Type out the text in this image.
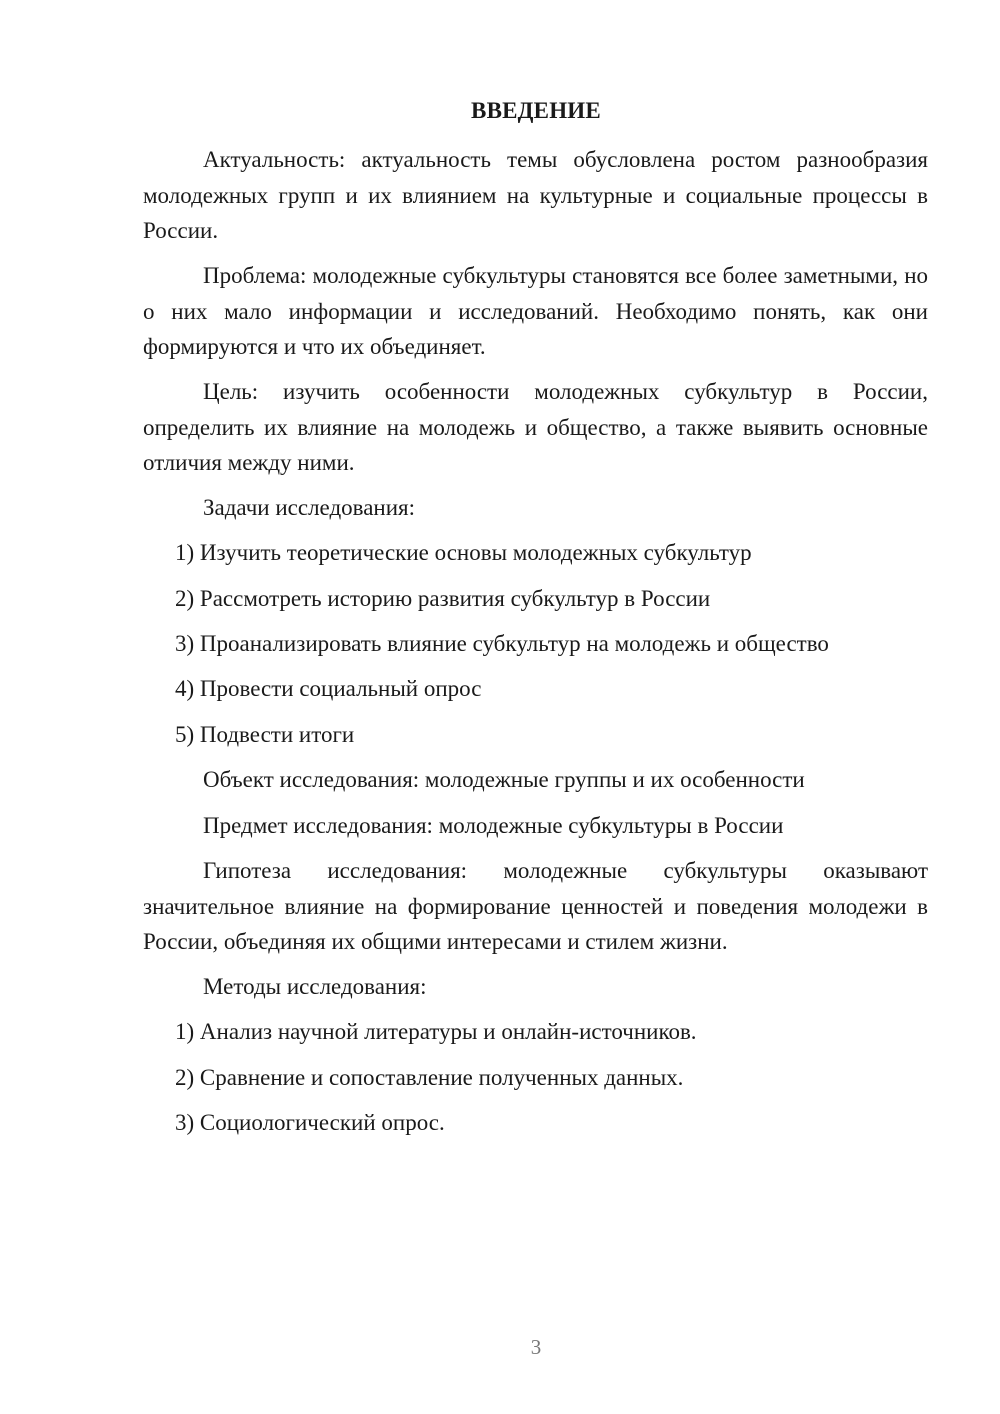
ВВЕДЕНИЕ

Актуальность: актуальность темы обусловлена ростом разнообразия молодежных групп и их влиянием на культурные и социальные процессы в России.

Проблема: молодежные субкультуры становятся все более заметными, но о них мало информации и исследований. Необходимо понять, как они формируются и что их объединяет.

Цель: изучить особенности молодежных субкультур в России, определить их влияние на молодежь и общество, а также выявить основные отличия между ними.

Задачи исследования:

1) Изучить теоретические основы молодежных субкультур

2) Рассмотреть историю развития субкультур в России

3) Проанализировать влияние субкультур на молодежь и общество

4) Провести социальный опрос

5) Подвести итоги

Объект исследования: молодежные группы и их особенности

Предмет исследования: молодежные субкультуры в России

Гипотеза исследования: молодежные субкультуры оказывают значительное влияние на формирование ценностей и поведения молодежи в России, объединяя их общими интересами и стилем жизни.

Методы исследования:

1) Анализ научной литературы и онлайн-источников.

2) Сравнение и сопоставление полученных данных.

3) Социологический опрос.

3
